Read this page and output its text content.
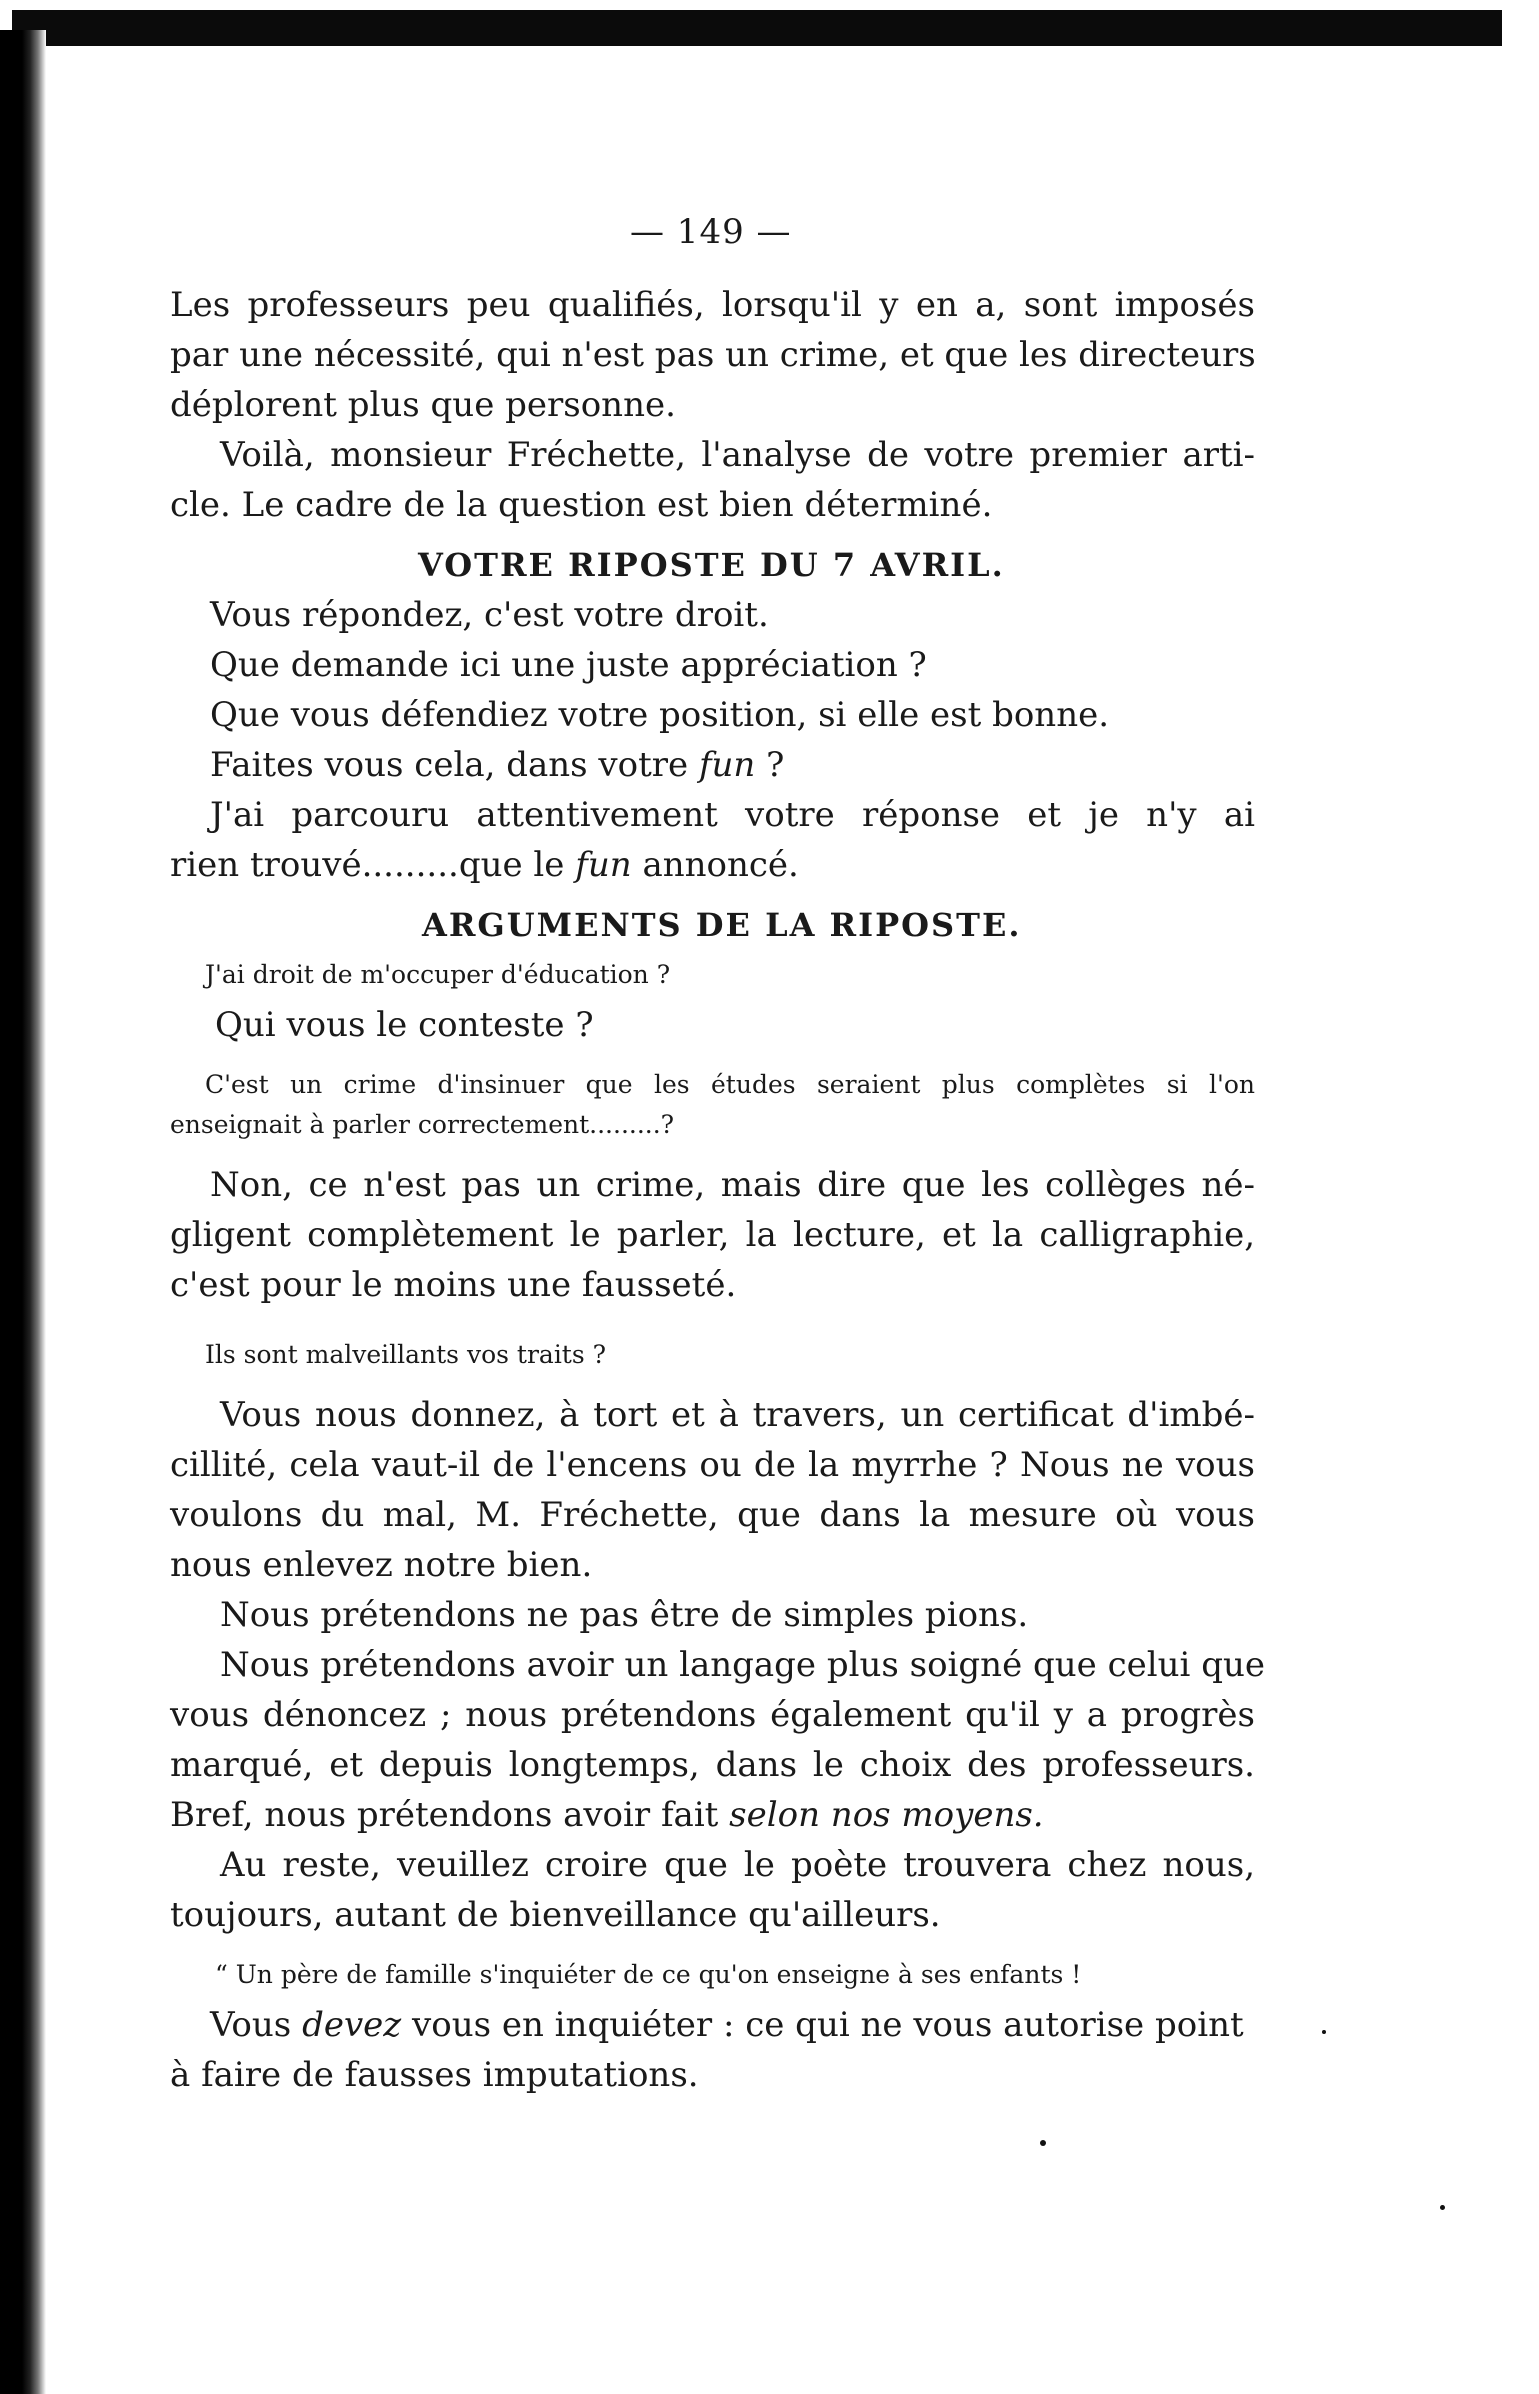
— 149 —
Les professeurs peu qualifiés, lorsqu'il y en a, sont imposés
par une nécessité, qui n'est pas un crime, et que les directeurs
déplorent plus que personne.
Voilà, monsieur Fréchette, l'analyse de votre premier arti-
cle. Le cadre de la question est bien déterminé.
VOTRE RIPOSTE DU 7 AVRIL.
Vous répondez, c'est votre droit.
Que demande ici une juste appréciation ?
Que vous défendiez votre position, si elle est bonne.
Faites vous cela, dans votre fun ?
J'ai parcouru attentivement votre réponse et je n'y ai
rien trouvé.........que le fun annoncé.
ARGUMENTS DE LA RIPOSTE.
J'ai droit de m'occuper d'éducation ?
Qui vous le conteste ?
C'est un crime d'insinuer que les études seraient plus complètes si l'on
enseignait à parler correctement.........?
Non, ce n'est pas un crime, mais dire que les collèges né-
gligent complètement le parler, la lecture, et la calligraphie,
c'est pour le moins une fausseté.
Ils sont malveillants vos traits ?
Vous nous donnez, à tort et à travers, un certificat d'imbé-
cillité, cela vaut-il de l'encens ou de la myrrhe ? Nous ne vous
voulons du mal, M. Fréchette, que dans la mesure où vous
nous enlevez notre bien.
Nous prétendons ne pas être de simples pions.
Nous prétendons avoir un langage plus soigné que celui que
vous dénoncez ; nous prétendons également qu'il y a progrès
marqué, et depuis longtemps, dans le choix des professeurs.
Bref, nous prétendons avoir fait selon nos moyens.
Au reste, veuillez croire que le poète trouvera chez nous,
toujours, autant de bienveillance qu'ailleurs.
“ Un père de famille s'inquiéter de ce qu'on enseigne à ses enfants !
Vous devez vous en inquiéter : ce qui ne vous autorise point
à faire de fausses imputations.
